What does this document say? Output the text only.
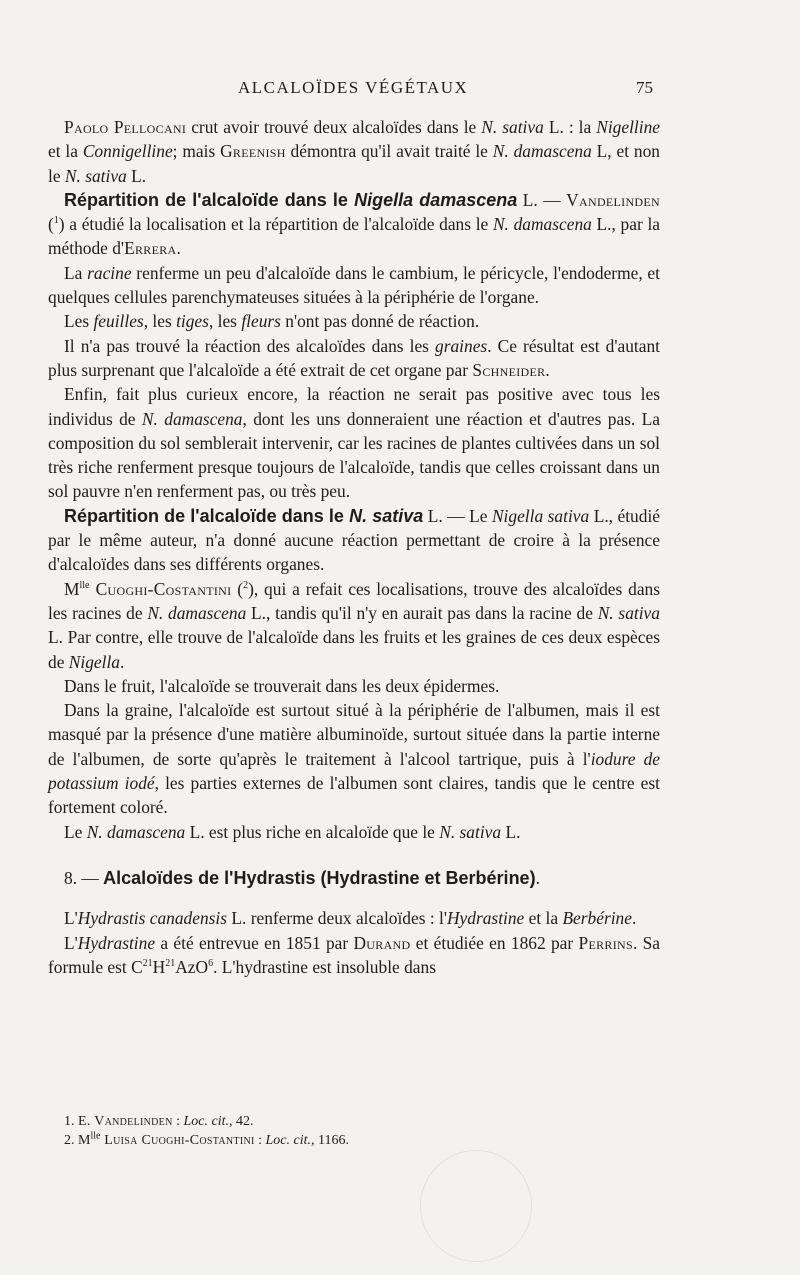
ALCALOÏDES VÉGÉTAUX	75

Paolo Pellocani crut avoir trouvé deux alcaloïdes dans le N. sativa L. : la Nigelline et la Connigelline; mais Greenish démontra qu'il avait traité le N. damascena L, et non le N. sativa L.

Répartition de l'alcaloïde dans le Nigella damascena L. — Vandelinden ($^1$) a étudié la localisation et la répartition de l'alcaloïde dans le N. damascena L., par la méthode d'Errera.

La racine renferme un peu d'alcaloïde dans le cambium, le péricycle, l'endoderme, et quelques cellules parenchymateuses situées à la périphérie de l'organe.

Les feuilles, les tiges, les fleurs n'ont pas donné de réaction.

Il n'a pas trouvé la réaction des alcaloïdes dans les graines. Ce résultat est d'autant plus surprenant que l'alcaloïde a été extrait de cet organe par Schneider.

Enfin, fait plus curieux encore, la réaction ne serait pas positive avec tous les individus de N. damascena, dont les uns donneraient une réaction et d'autres pas. La composition du sol semblerait intervenir, car les racines de plantes cultivées dans un sol très riche renferment presque toujours de l'alcaloïde, tandis que celles croissant dans un sol pauvre n'en renferment pas, ou très peu.

Répartition de l'alcaloïde dans le N. sativa L. — Le Nigella sativa L., étudié par le même auteur, n'a donné aucune réaction permettant de croire à la présence d'alcaloïdes dans ses différents organes.

$M^{lle}$ Cuoghi-Costantini ($^2$), qui a refait ces localisations, trouve des alcaloïdes dans les racines de N. damascena L., tandis qu'il n'y en aurait pas dans la racine de N. sativa L. Par contre, elle trouve de l'alcaloïde dans les fruits et les graines de ces deux espèces de Nigella.

Dans le fruit, l'alcaloïde se trouverait dans les deux épidermes.

Dans la graine, l'alcaloïde est surtout situé à la périphérie de l'albumen, mais il est masqué par la présence d'une matière albuminoïde, surtout située dans la partie interne de l'albumen, de sorte qu'après le traitement à l'alcool tartrique, puis à l'iodure de potassium iodé, les parties externes de l'albumen sont claires, tandis que le centre est fortement coloré.

Le N. damascena L. est plus riche en alcaloïde que le N. sativa L.

8. — Alcaloïdes de l'Hydrastis (Hydrastine et Berbérine).

L'Hydrastis canadensis L. renferme deux alcaloïdes : l'Hydrastine et la Berbérine.

L'Hydrastine a été entrevue en 1851 par Durand et étudiée en 1862 par Perrins. Sa formule est $C^{21}H^{21}AzO^6$. L'hydrastine est insoluble dans

1. E. Vandelinden : Loc. cit., 42.
2. $M^{lle}$ Luisa Cuoghi-Costantini : Loc. cit., 1166.
